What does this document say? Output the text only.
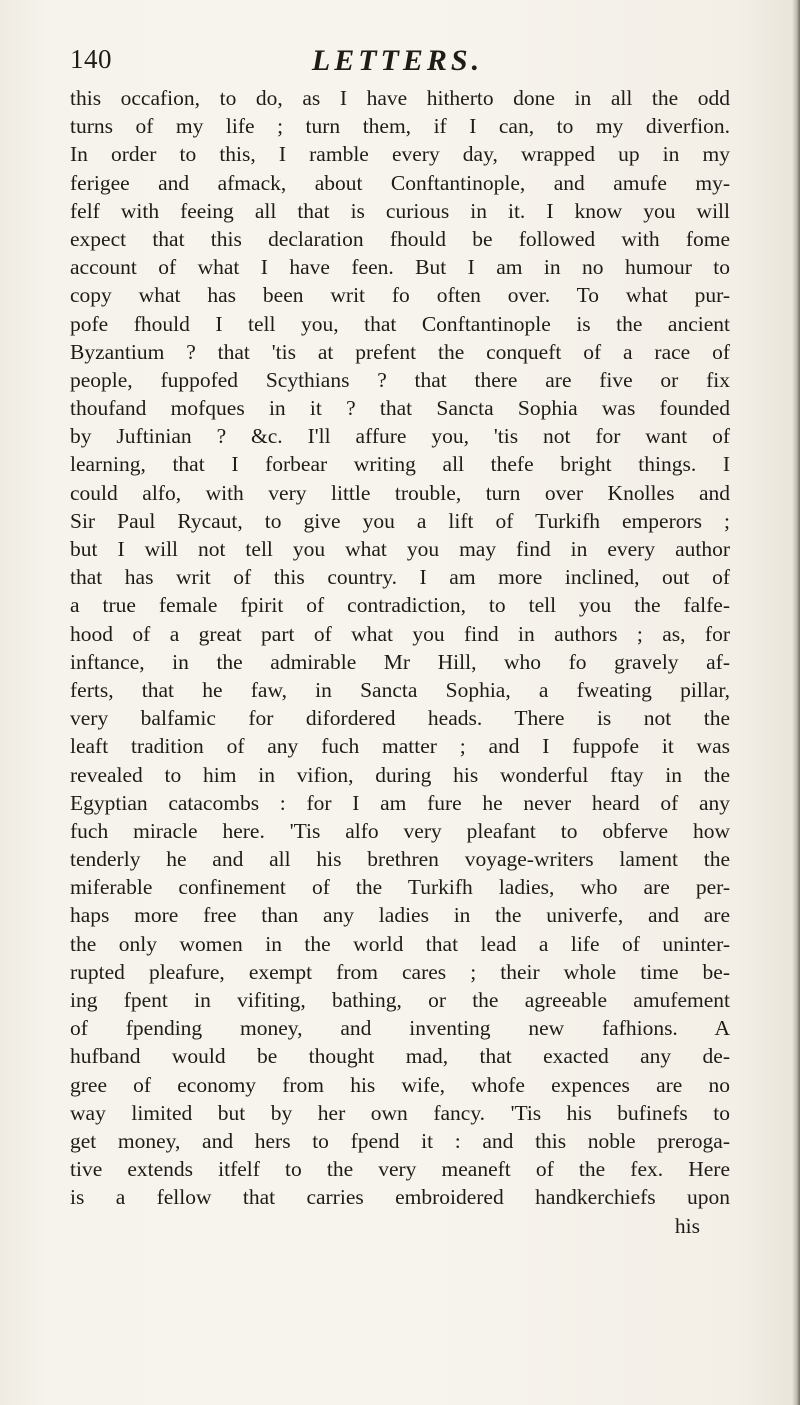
140	LETTERS.
this occafion, to do, as I have hitherto done in all the odd
turns of my life ; turn them, if I can, to my diverfion.
In order to this, I ramble every day, wrapped up in my
ferigee and afmack, about Conftantinople, and amufe my-
felf with feeing all that is curious in it. I know you will
expect that this declaration fhould be followed with fome
account of what I have feen. But I am in no humour to
copy what has been writ fo often over. To what pur-
pofe fhould I tell you, that Conftantinople is the ancient
Byzantium ? that 'tis at prefent the conqueft of a race of
people, fuppofed Scythians ? that there are five or fix
thoufand mofques in it ? that Sancta Sophia was founded
by Juftinian ? &c. I'll affure you, 'tis not for want of
learning, that I forbear writing all thefe bright things. I
could alfo, with very little trouble, turn over Knolles and
Sir Paul Rycaut, to give you a lift of Turkifh emperors ;
but I will not tell you what you may find in every author
that has writ of this country. I am more inclined, out of
a true female fpirit of contradiction, to tell you the falfe-
hood of a great part of what you find in authors ; as, for
inftance, in the admirable Mr Hill, who fo gravely af-
ferts, that he faw, in Sancta Sophia, a fweating pillar,
very balfamic for difordered heads. There is not the
leaft tradition of any fuch matter ; and I fuppofe it was
revealed to him in vifion, during his wonderful ftay in the
Egyptian catacombs : for I am fure he never heard of any
fuch miracle here. 'Tis alfo very pleafant to obferve how
tenderly he and all his brethren voyage-writers lament the
miferable confinement of the Turkifh ladies, who are per-
haps more free than any ladies in the univerfe, and are
the only women in the world that lead a life of uninter-
rupted pleafure, exempt from cares ; their whole time be-
ing fpent in vifiting, bathing, or the agreeable amufement
of fpending money, and inventing new fafhions. A
hufband would be thought mad, that exacted any de-
gree of economy from his wife, whofe expences are no
way limited but by her own fancy. 'Tis his bufinefs to
get money, and hers to fpend it : and this noble preroga-
tive extends itfelf to the very meaneft of the fex. Here
is a fellow that carries embroidered handkerchiefs upon
his
